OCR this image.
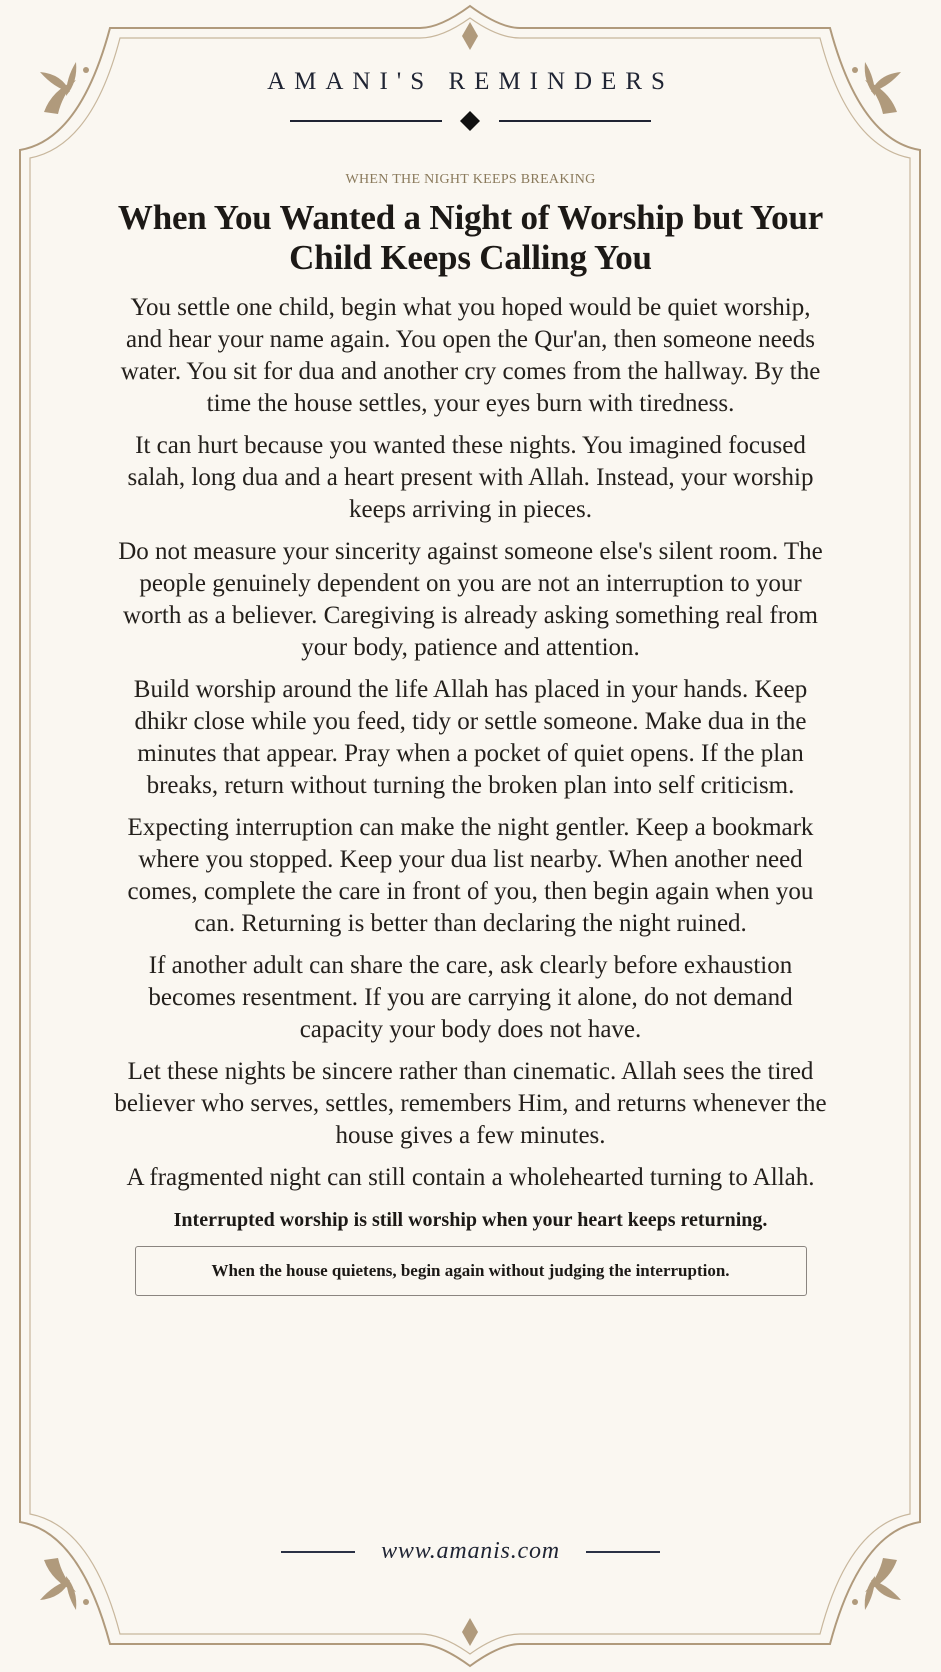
AMANI'S REMINDERS
WHEN THE NIGHT KEEPS BREAKING
When You Wanted a Night of Worship but Your Child Keeps Calling You

You settle one child, begin what you hoped would be quiet worship, and hear your name again. You open the Qur'an, then someone needs water. You sit for dua and another cry comes from the hallway. By the time the house settles, your eyes burn with tiredness.

It can hurt because you wanted these nights. You imagined focused salah, long dua and a heart present with Allah. Instead, your worship keeps arriving in pieces.

Do not measure your sincerity against someone else's silent room. The people genuinely dependent on you are not an interruption to your worth as a believer. Caregiving is already asking something real from your body, patience and attention.

Build worship around the life Allah has placed in your hands. Keep dhikr close while you feed, tidy or settle someone. Make dua in the minutes that appear. Pray when a pocket of quiet opens. If the plan breaks, return without turning the broken plan into self criticism.

Expecting interruption can make the night gentler. Keep a bookmark where you stopped. Keep your dua list nearby. When another need comes, complete the care in front of you, then begin again when you can. Returning is better than declaring the night ruined.

If another adult can share the care, ask clearly before exhaustion becomes resentment. If you are carrying it alone, do not demand capacity your body does not have.

Let these nights be sincere rather than cinematic. Allah sees the tired believer who serves, settles, remembers Him, and returns whenever the house gives a few minutes.

A fragmented night can still contain a wholehearted turning to Allah.

Interrupted worship is still worship when your heart keeps returning.
When the house quietens, begin again without judging the interruption.
www.amanis.com
